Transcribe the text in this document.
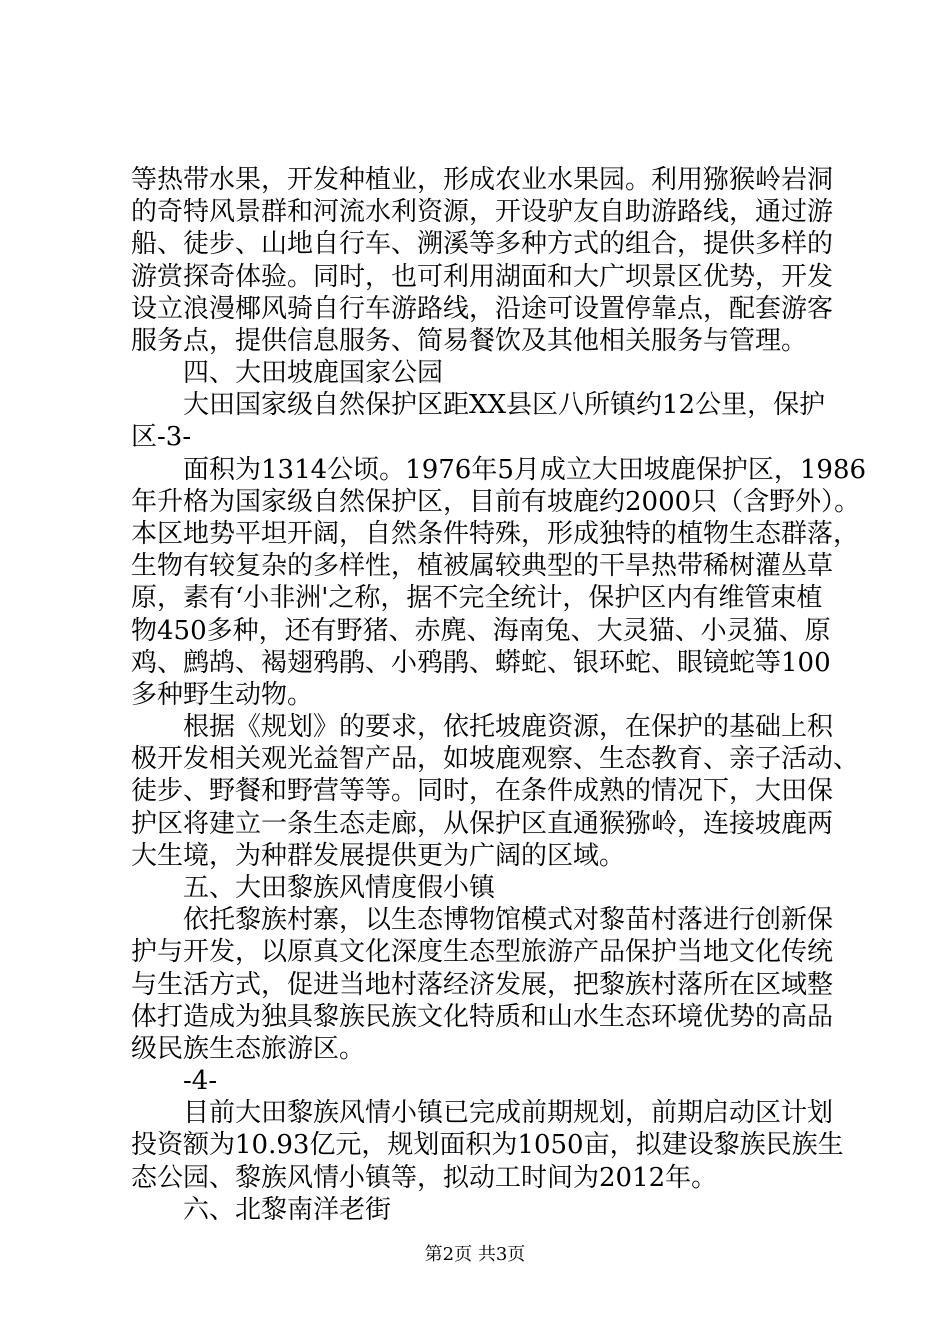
等热带水果，开发种植业，形成农业水果园。利用猕猴岭岩洞
的奇特风景群和河流水利资源，开设驴友自助游路线，通过游
船、徒步、山地自行车、溯溪等多种方式的组合，提供多样的
游赏探奇体验。同时，也可利用湖面和大广坝景区优势，开发
设立浪漫椰风骑自行车游路线，沿途可设置停靠点，配套游客
服务点，提供信息服务、简易餐饮及其他相关服务与管理。
　　四、大田坡鹿国家公园
　　大田国家级自然保护区距XX县区八所镇约12公里，保护
区-3-
　　面积为1314公顷。1976年5月成立大田坡鹿保护区，1986
年升格为国家级自然保护区，目前有坡鹿约2000只（含野外）。
本区地势平坦开阔，自然条件特殊，形成独特的植物生态群落，
生物有较复杂的多样性，植被属较典型的干旱热带稀树灌丛草
原，素有‘小非洲'之称，据不完全统计，保护区内有维管束植
物450多种，还有野猪、赤麂、海南兔、大灵猫、小灵猫、原
鸡、鹧鸪、褐翅鸦鹃、小鸦鹃、蟒蛇、银环蛇、眼镜蛇等100
多种野生动物。
　　根据《规划》的要求，依托坡鹿资源，在保护的基础上积
极开发相关观光益智产品，如坡鹿观察、生态教育、亲子活动、
徒步、野餐和野营等等。同时，在条件成熟的情况下，大田保
护区将建立一条生态走廊，从保护区直通猴猕岭，连接坡鹿两
大生境，为种群发展提供更为广阔的区域。
　　五、大田黎族风情度假小镇
　　依托黎族村寨，以生态博物馆模式对黎苗村落进行创新保
护与开发，以原真文化深度生态型旅游产品保护当地文化传统
与生活方式，促进当地村落经济发展，把黎族村落所在区域整
体打造成为独具黎族民族文化特质和山水生态环境优势的高品
级民族生态旅游区。
　　-4-
　　目前大田黎族风情小镇已完成前期规划，前期启动区计划
投资额为10.93亿元，规划面积为1050亩，拟建设黎族民族生
态公园、黎族风情小镇等，拟动工时间为2012年。
　　六、北黎南洋老街
第2页 共3页
